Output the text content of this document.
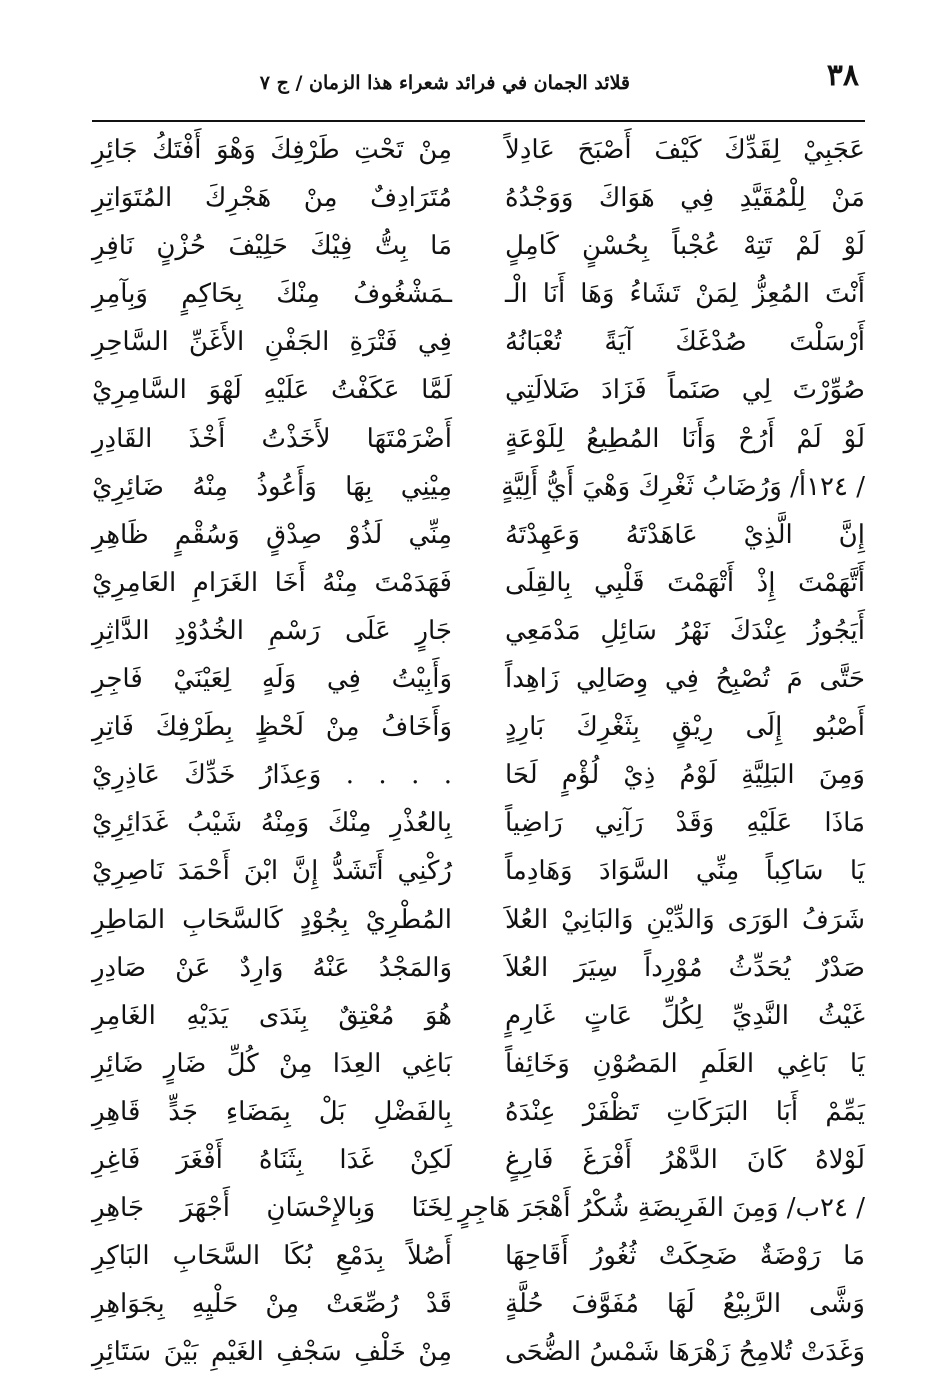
٣٨
قلائد الجمان في فرائد شعراء هذا الزمان / ج ٧
عَجَبِيْ لِقَدِّكَ كَيْفَ أَصْبَحَ عَادِلاً
مَنْ لِلْمُقَيَّدِ فِي هَوَاكَ وَوَجْدُهُ
لَوْ لَمْ تَتِهْ عُجْباً بِحُسْنٍ كَامِلٍ
أَنْتَ المُعِزُّ لِمَنْ تَشَاءُ وَهَا أَنَا الْـ
أَرْسَلْتَ صُدْغَكَ آيَةً تُعْبَانُهُ
صُوِّرْتَ لِي صَنَماً فَزَادَ ضَلالَتِي
لَوْ لَمْ أَرُحْ وَأَنَا المُطِيعُ لِلَوْعَةٍ
/ ١٢٤أ/ وَرُضَابُ ثَغْرِكَ وَهْيَ أَيُّ أَلِيَّةٍ
إِنَّ الَّذِيْ عَاهَدْتَهُ وَعَهِدْتَهُ
أَتَّهَمْتَ إِذْ أَتْهَمْتَ قَلْبِي بِالقِلَى
أَيَجُوزُ عِنْدَكَ نَهْرُ سَائِلِ مَدْمَعِي
حَتَّى مَ تُصْبِحُ فِي وِصَالِي زَاهِداً
أَصْبُو إِلَى رِيْقٍ بِثَغْرِكَ بَارِدٍ
وَمِنَ البَلِيَّةِ لَوْمُ ذِيْ لُؤْمٍ لَحَا
مَاذَا عَلَيْهِ وَقَدْ رَآنِي رَاضِياً
يَا سَاكِباً مِنِّي السَّوَادَ وَهَادِماً
شَرَفُ الوَرَى وَالدِّيْنِ وَالبَانِيْ العُلاَ
صَدْرٌ يُحَدِّثُ مُوْرِداً سِيَرَ العُلاَ
غَيْثُ النَّدِيِّ لِكُلِّ عَاتٍ غَارِمٍ
يَا بَاغِي العَلَمِ المَصُوْنِ وَخَائِفاً
يَمِّمْ أَبَا البَرَكَاتِ تَظْفَرْ عِنْدَهُ
لَوْلاهُ كَانَ الدَّهْرُ أَفْرَغَ فَارِغٍ
/ ٢٤ب/ وَمِنَ الفَرِيضَةِ شُكْرُ أَهْجَرَ هَاجِرٍ
مَا رَوْضَةٌ ضَحِكَتْ ثُغُورُ أَقَاحِهَا
وَشَّى الرَّبِيْعُ لَهَا مُفَوَّفَ حُلَّةٍ
وَغَدَتْ تُلامِحُ زَهْرَهَا شَمْسُ الضُّحَى
مِنْ تَحْتِ طَرْفِكَ وَهْوَ أَفْتَكُ جَائِرِ
مُتَرَادِفٌ مِنْ هَجْرِكَ المُتَوَاتِرِ
مَا بِتُّ فِيْكَ حَلِيْفَ حُزْنٍ نَافِرِ
ـمَشْغُوفُ مِنْكَ بِحَاكِمٍ وَبِآمِرِ
فِي فَتْرَةِ الجَفْنِ الأَغَنِّ السَّاحِرِ
لَمَّا عَكَفْتُ عَلَيْهِ لَهْوَ السَّامِرِيْ
أَضْرَمْتَهَا لأَخَذْتُ أَخْذَ القَادِرِ
مِيْنِي بِهَا وَأَعُوذُ مِنْهُ ضَائِرِيْ
مِنِّي لَذُوْ صِدْقٍ وَسُقْمٍ ظَاهِرِ
فَهَدَمْتَ مِنْهُ أَخَا الغَرَامِ العَامِرِيْ
جَارٍ عَلَى رَسْمِ الخُدُوْدِ الدَّاثِرِ
وَأَبِيْتُ فِي وَلَهٍ لِعَيْنَيْ فَاجِرِ
وَأَخَافُ مِنْ لَحْظٍ بِطَرْفِكَ فَاتِرِ
. . . . وَعِذَارُ خَدِّكَ عَاذِرِيْ
بِالعُذْرِ مِنْكَ وَمِنْهُ شَيْبُ غَدَائِرِيْ
رُكْنِي أَتَشَدُّ إِنَّ ابْنَ أَحْمَدَ نَاصِرِيْ
المُطْرِيْ بِجُوْدٍ كَالسَّحَابِ المَاطِرِ
وَالمَجْدُ عَنْهُ وَارِدٌ عَنْ صَادِرِ
هُوَ مُعْتِقٌ بِنَدَى يَدَيْهِ الغَامِرِ
بَاغِي العِدَا مِنْ كُلِّ ضَارٍ ضَائِرِ
بِالفَضْلِ بَلْ بِمَضَاءِ جَدٍّ قَاهِرِ
لَكِنْ غَدَا بِثَنَاهُ أَفْغَرَ فَاغِرِ
لِخَنَا وَبِالإِحْسَانِ أَجْهَرَ جَاهِرِ
أَصُلاً بِدَمْعِ بُكَا السَّحَابِ البَاكِرِ
قَدْ رُصِّعَتْ مِنْ حَلْيِهِ بِجَوَاهِرِ
مِنْ خَلْفِ سَجْفِ الغَيْمِ بَيْنَ سَتَائِرِ
